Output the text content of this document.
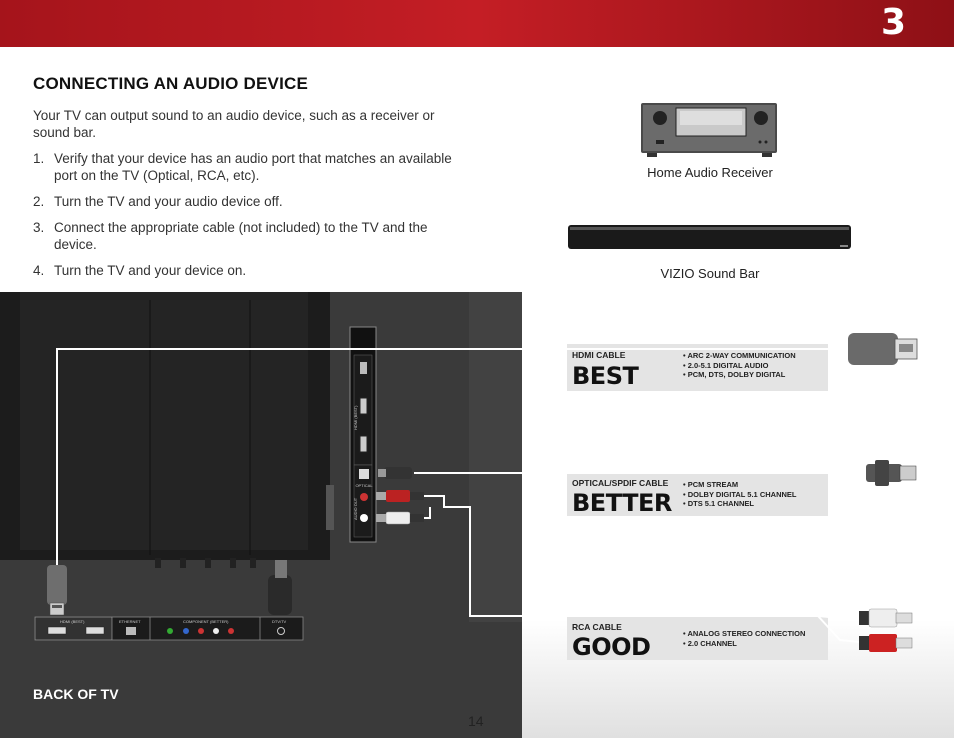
3
CONNECTING AN AUDIO DEVICE

Your TV can output sound to an audio device, such as a receiver or sound bar.

1. Verify that your device has an audio port that matches an available port on the TV (Optical, RCA, etc).
2. Turn the TV and your audio device off.
3. Connect the appropriate cable (not included) to the TV and the device.
4. Turn the TV and your device on.
Home Audio Receiver
VIZIO Sound Bar
HDMI CABLE
BEST
• ARC 2-WAY COMMUNICATION
• 2.0-5.1 DIGITAL AUDIO
• PCM, DTS, DOLBY DIGITAL
OPTICAL/SPDIF CABLE
BETTER
• PCM STREAM
• DOLBY DIGITAL 5.1 CHANNEL
• DTS 5.1 CHANNEL
RCA CABLE
GOOD
•	ANALOG STEREO CONNECTION
• 2.0 CHANNEL
OPTICAL
HDMI (BEST)
AUDIO OUT
HDMI (BEST)	ETHERNET	COMPONENT (BETTER)	DTV/TV
BACK OF TV
14
